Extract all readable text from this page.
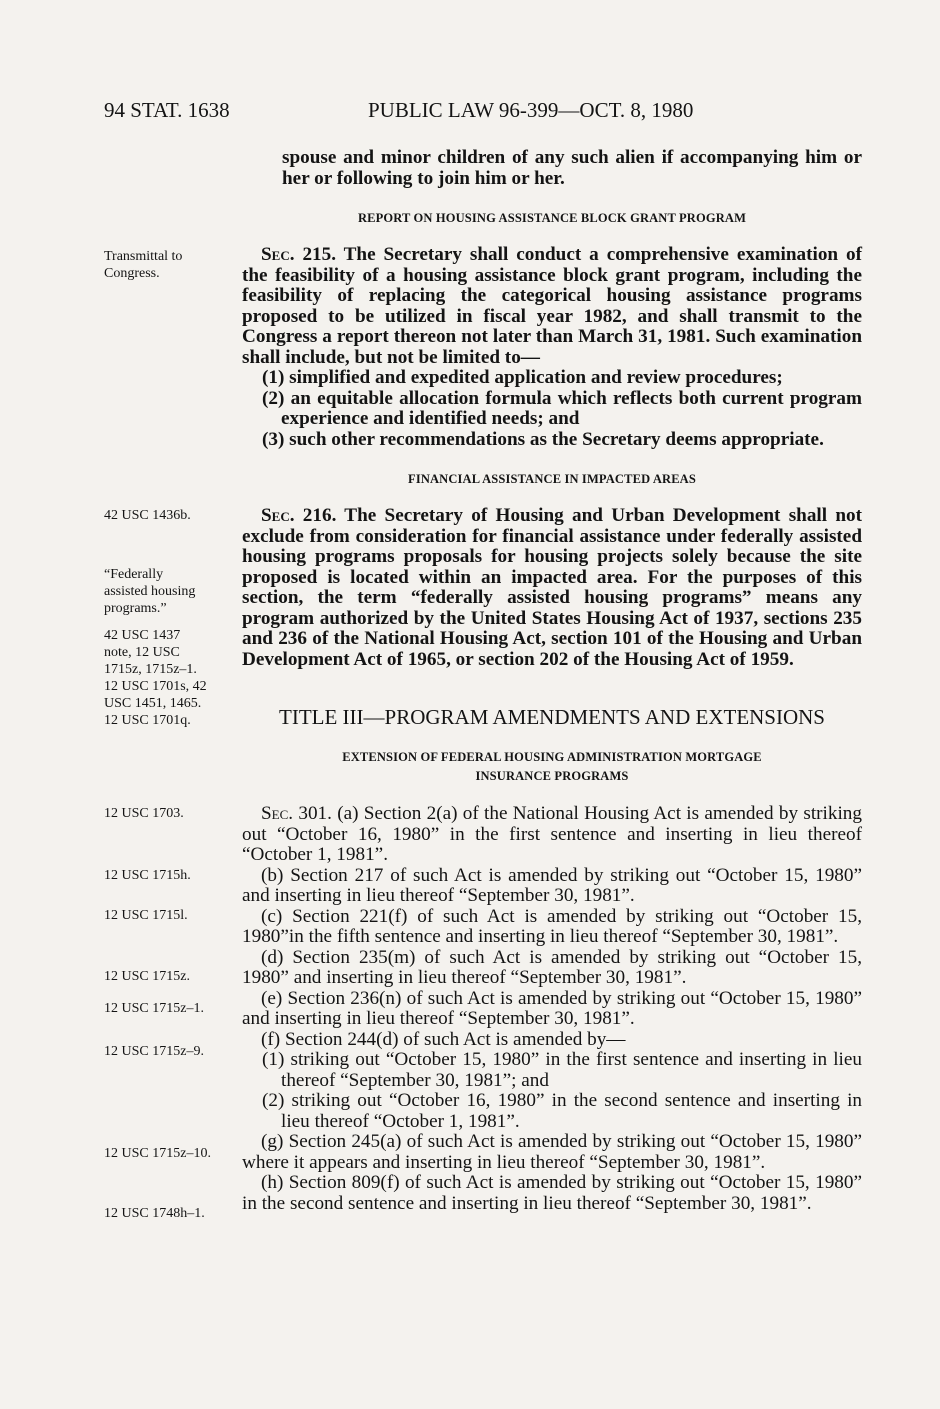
94 STAT. 1638	PUBLIC LAW 96-399—OCT. 8, 1980

spouse and minor children of any such alien if accompanying him or her or following to join him or her.

REPORT ON HOUSING ASSISTANCE BLOCK GRANT PROGRAM
Transmittal to
Congress.

Sec. 215. The Secretary shall conduct a comprehensive examination of the feasibility of a housing assistance block grant program, including the feasibility of replacing the categorical housing assistance programs proposed to be utilized in fiscal year 1982, and shall transmit to the Congress a report thereon not later than March 31, 1981. Such examination shall include, but not be limited to—

(1) simplified and expedited application and review procedures;

(2) an equitable allocation formula which reflects both current program experience and identified needs; and

(3) such other recommendations as the Secretary deems appropriate.

FINANCIAL ASSISTANCE IN IMPACTED AREAS
42 USC 1436b.
“Federally
assisted housing
programs.”
42 USC 1437
note, 12 USC
1715z, 1715z–1.
12 USC 1701s, 42
USC 1451, 1465.
12 USC 1701q.

Sec. 216. The Secretary of Housing and Urban Development shall not exclude from consideration for financial assistance under federally assisted housing programs proposals for housing projects solely because the site proposed is located within an impacted area. For the purposes of this section, the term “federally assisted housing programs” means any program authorized by the United States Housing Act of 1937, sections 235 and 236 of the National Housing Act, section 101 of the Housing and Urban Development Act of 1965, or section 202 of the Housing Act of 1959.

TITLE III—PROGRAM AMENDMENTS AND EXTENSIONS
EXTENSION OF FEDERAL HOUSING ADMINISTRATION MORTGAGE
INSURANCE PROGRAMS
12 USC 1703.
12 USC 1715h.
12 USC 1715l.
12 USC 1715z.
12 USC 1715z–1.
12 USC 1715z–9.
12 USC 1715z–10.
12 USC 1748h–1.

Sec. 301. (a) Section 2(a) of the National Housing Act is amended by striking out “October 16, 1980” in the first sentence and inserting in lieu thereof “October 1, 1981”.

(b) Section 217 of such Act is amended by striking out “October 15, 1980” and inserting in lieu thereof “September 30, 1981”.

(c) Section 221(f) of such Act is amended by striking out “October 15, 1980”in the fifth sentence and inserting in lieu thereof “September 30, 1981”.

(d) Section 235(m) of such Act is amended by striking out “October 15, 1980” and inserting in lieu thereof “September 30, 1981”.

(e) Section 236(n) of such Act is amended by striking out “October 15, 1980” and inserting in lieu thereof “September 30, 1981”.

(f) Section 244(d) of such Act is amended by—

(1) striking out “October 15, 1980” in the first sentence and inserting in lieu thereof “September 30, 1981”; and

(2) striking out “October 16, 1980” in the second sentence and inserting in lieu thereof “October 1, 1981”.

(g) Section 245(a) of such Act is amended by striking out “October 15, 1980” where it appears and inserting in lieu thereof “September 30, 1981”.

(h) Section 809(f) of such Act is amended by striking out “October 15, 1980” in the second sentence and inserting in lieu thereof “September 30, 1981”.
